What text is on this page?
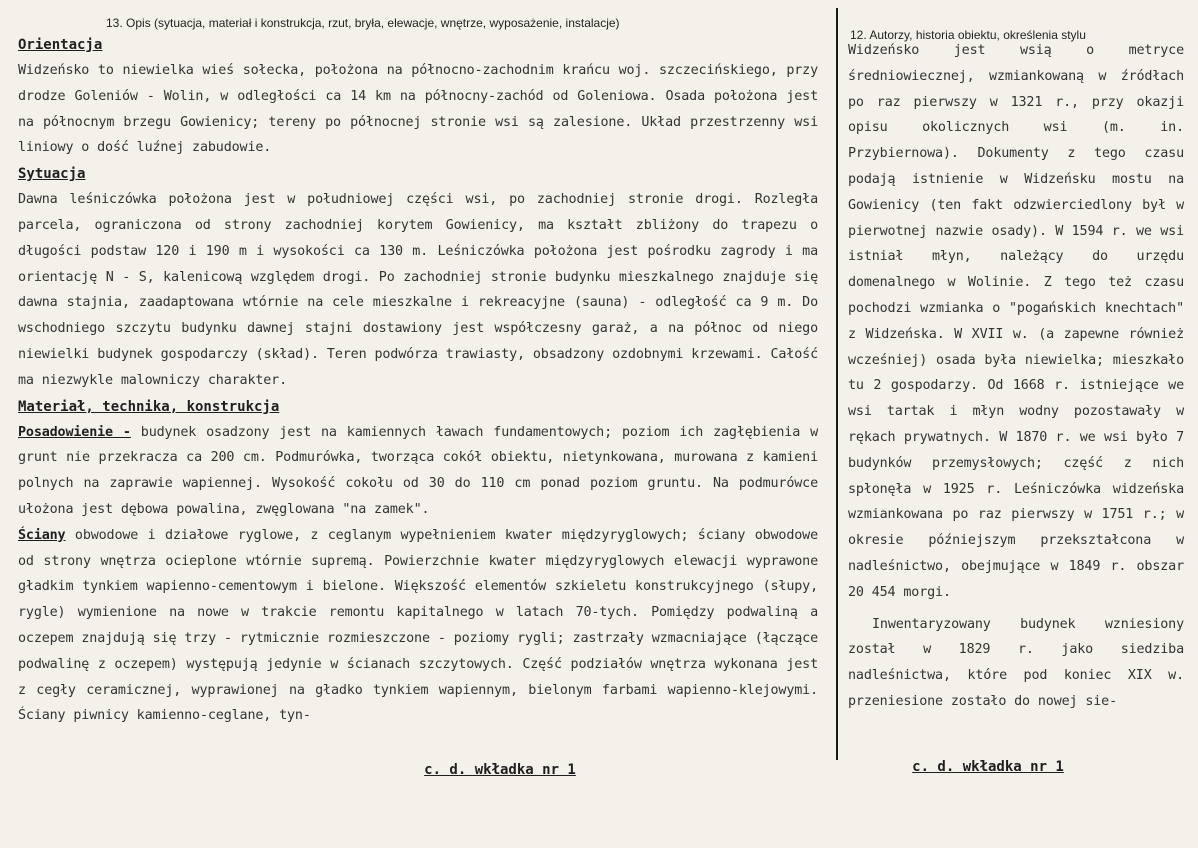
13. Opis (sytuacja, materiał i konstrukcja, rzut, bryła, elewacje, wnętrze, wyposażenie, instalacje)
Orientacja

Widzeńsko to niewielka wieś sołecka, położona na północno-zachodnim krańcu woj. szczecińskiego, przy drodze Goleniów - Wolin, w odległości ca 14 km na północny-zachód od Goleniowa. Osada położona jest na północnym brzegu Gowienicy; tereny po północnej stronie wsi są zalesione. Układ przestrzenny wsi liniowy o dość luźnej zabudowie.

Sytuacja

Dawna leśniczówka położona jest w południowej części wsi, po zachodniej stronie drogi. Rozległa parcela, ograniczona od strony zachodniej korytem Gowienicy, ma kształt zbliżony do trapezu o długości podstaw 120 i 190 m i wysokości ca 130 m. Leśniczówka położona jest pośrodku zagrody i ma orientację N - S, kalenicową względem drogi. Po zachodniej stronie budynku mieszkalnego znajduje się dawna stajnia, zaadaptowana wtórnie na cele mieszkalne i rekreacyjne (sauna) - odległość ca 9 m. Do wschodniego szczytu budynku dawnej stajni dostawiony jest współczesny garaż, a na północ od niego niewielki budynek gospodarczy (skład). Teren podwórza trawiasty, obsadzony ozdobnymi krzewami. Całość ma niezwykle malowniczy charakter.

Materiał, technika, konstrukcja

Posadowienie - budynek osadzony jest na kamiennych ławach fundamentowych; poziom ich zagłębienia w grunt nie przekracza ca 200 cm. Podmurówka, tworząca cokół obiektu, nietynkowana, murowana z kamieni polnych na zaprawie wapiennej. Wysokość cokołu od 30 do 110 cm ponad poziom gruntu. Na podmurówce ułożona jest dębowa powalina, zwęglowana "na zamek".

Ściany obwodowe i działowe ryglowe, z ceglanym wypełnieniem kwater międzyryglowych; ściany obwodowe od strony wnętrza ocieplone wtórnie supremą. Powierzchnie kwater międzyryglowych elewacji wyprawone gładkim tynkiem wapienno-cementowym i bielone. Większość elementów szkieletu konstrukcyjnego (słupy, rygle) wymienione na nowe w trakcie remontu kapitalnego w latach 70-tych. Pomiędzy podwaliną a oczepem znajdują się trzy - rytmicznie rozmieszczone - poziomy rygli; zastrzały wzmacniające (łączące podwalinę z oczepem) występują jedynie w ścianach szczytowych. Część podziałów wnętrza wykonana jest z cegły ceramicznej, wyprawionej na gładko tynkiem wapiennym, bielonym farbami wapienno-klejowymi. Ściany piwnicy kamienno-ceglane, tyn-

12. Autorzy, historia obiektu, określenia stylu

Widzeńsko jest wsią o metryce średniowiecznej, wzmiankowaną w źródłach po raz pierwszy w 1321 r., przy okazji opisu okolicznych wsi (m. in. Przybiernowa). Dokumenty z tego czasu podają istnienie w Widzeńsku mostu na Gowienicy (ten fakt odzwierciedlony był w pierwotnej nazwie osady). W 1594 r. we wsi istniał młyn, należący do urzędu domenalnego w Wolinie. Z tego też czasu pochodzi wzmianka o "pogańskich knechtach" z Widzeńska. W XVII w. (a zapewne również wcześniej) osada była niewielka; mieszkało tu 2 gospodarzy. Od 1668 r. istniejące we wsi tartak i młyn wodny pozostawały w rękach prywatnych. W 1870 r. we wsi było 7 budynków przemysłowych; część z nich spłonęła w 1925 r. Leśniczówka widzeńska wzmiankowana po raz pierwszy w 1751 r.; w okresie późniejszym przekształcona w nadleśnictwo, obejmujące w 1849 r. obszar 20 454 morgi.

Inwentaryzowany budynek wzniesiony został w 1829 r. jako siedziba nadleśnictwa, które pod koniec XIX w. przeniesione zostało do nowej sie-

c. d. wkładka nr 1	c. d. wkładka nr 1
